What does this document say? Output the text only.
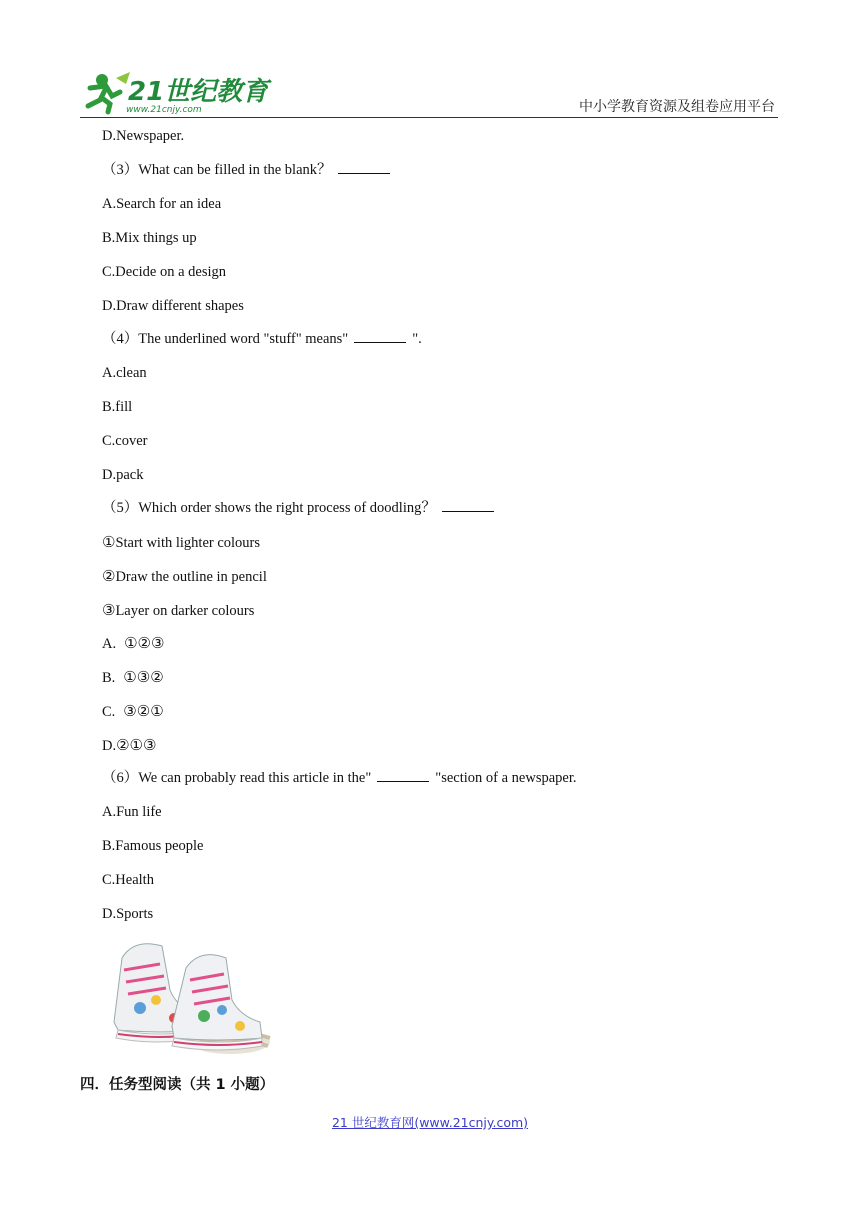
21世纪教育
www.21cnjy.com	中小学教育资源及组卷应用平台
D.Newspaper.
（3）What can be filled in the blank？
A.Search for an idea
B.Mix things up
C.Decide on a design
D.Draw different shapes
（4）The underlined word "stuff" means"	".
A.clean
B.fill
C.cover
D.pack
（5）Which order shows the right process of doodling？
①Start with lighter colours
②Draw the outline in pencil
③Layer on darker colours
A. ①②③
B. ①③②
C. ③②①
D.②①③
（6）We can probably read this article in the"	"section of a newspaper.
A.Fun life
B.Famous people
C.Health
D.Sports
四．任务型阅读（共 1 小题）
21 世纪教育网(www.21cnjy.com)
